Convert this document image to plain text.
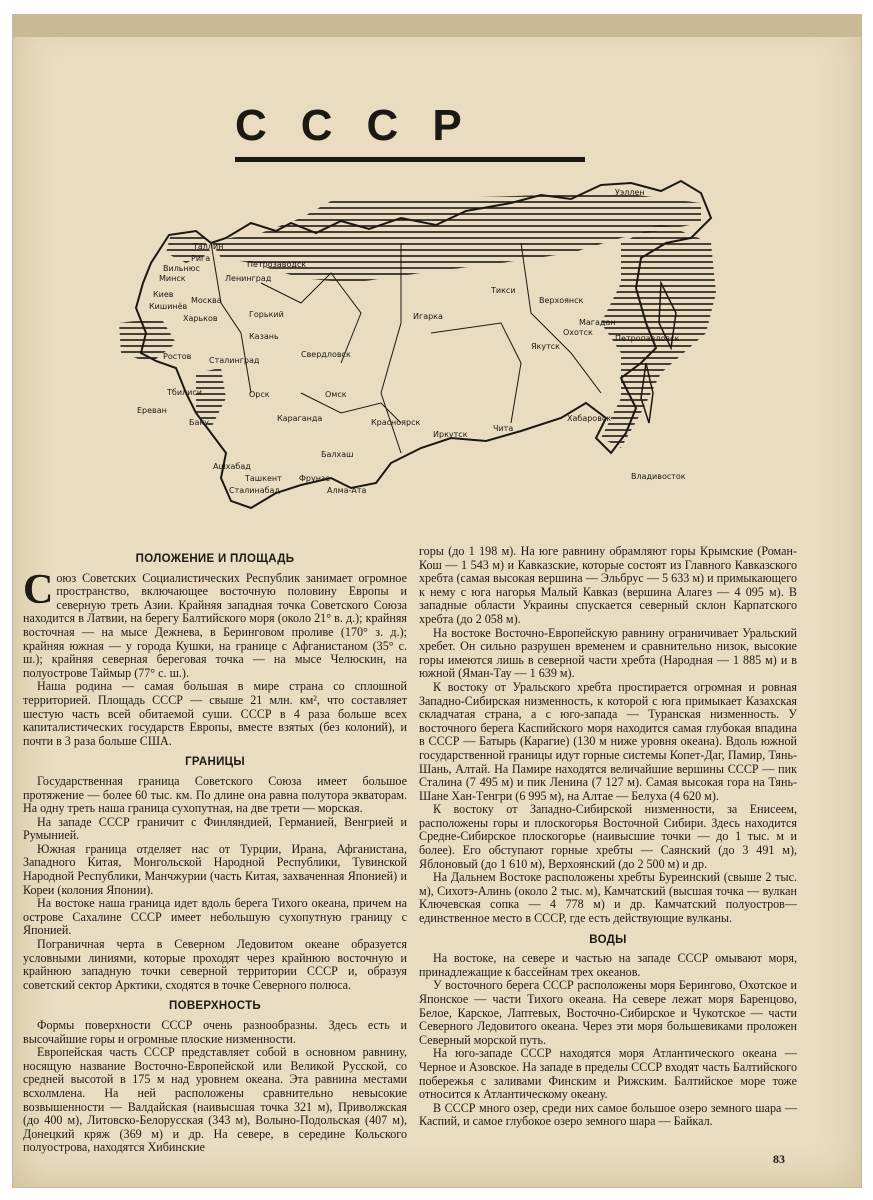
СССР
Таллин
Рига
Вильнюс
Минск
Киев
Кишинёв
Харьков
Москва
Ленинград
Петрозаводск
Горький
Казань
Сталинград
Ростов
Тбилиси
Ереван
Баку
Свердловск
Орск
Караганда
Омск
Красноярск
Игарка
Тикси
Верхоянск
Якутск
Иркутск
Чита
Хабаровск
Владивосток
Охотск
Магадан
Петропавловск
Уэллен
Балхаш
Ашхабад
Ташкент Фрунзе
Алма-Ата
Сталинабад
ПОЛОЖЕНИЕ И ПЛОЩАДЬ

Союз Советских Социалистических Республик занимает огромное пространство, включающее восточную половину Европы и северную треть Азии. Крайняя западная точка Советского Союза находится в Латвии, на берегу Балтийского моря (около 21° в. д.); крайняя восточная — на мысе Дежнева, в Беринговом проливе (170° з. д.); крайняя южная — у города Кушки, на границе с Афганистаном (35° с. ш.); крайняя северная береговая точка — на мысе Челюскин, на полуострове Таймыр (77° с. ш.).

Наша родина — самая большая в мире страна со сплошной территорией. Площадь СССР — свыше 21 млн. км², что составляет шестую часть всей обитаемой суши. СССР в 4 раза больше всех капиталистических государств Европы, вместе взятых (без колоний), и почти в 3 раза больше США.

ГРАНИЦЫ

Государственная граница Советского Союза имеет большое протяжение — более 60 тыс. км. По длине она равна полутора экваторам. На одну треть наша граница сухопутная, на две трети — морская.

На западе СССР граничит с Финляндией, Германией, Венгрией и Румынией.

Южная граница отделяет нас от Турции, Ирана, Афганистана, Западного Китая, Монгольской Народной Республики, Тувинской Народной Республики, Манчжурии (часть Китая, захваченная Японией) и Кореи (колония Японии).

На востоке наша граница идет вдоль берега Тихого океана, причем на острове Сахалине СССР имеет небольшую сухопутную границу с Японией.

Пограничная черта в Северном Ледовитом океане образуется условными линиями, которые проходят через крайнюю восточную и крайнюю западную точки северной территории СССР и, образуя советский сектор Арктики, сходятся в точке Северного полюса.

ПОВЕРХНОСТЬ

Формы поверхности СССР очень разнообразны. Здесь есть и высочайшие горы и огромные плоские низменности.

Европейская часть СССР представляет собой в основном равнину, носящую название Восточно-Европейской или Великой Русской, со средней высотой в 175 м над уровнем океана. Эта равнина местами всхолмлена. На ней расположены сравнительно невысокие возвышенности — Валдайская (наивысшая точка 321 м), Приволжская (до 400 м), Литовско-Белорусская (343 м), Волыно-Подольская (407 м), Донецкий кряж (369 м) и др. На севере, в середине Кольского полуострова, находятся Хибинские

горы (до 1 198 м). На юге равнину обрамляют горы Крымские (Роман-Кош — 1 543 м) и Кавказские, которые состоят из Главного Кавказского хребта (самая высокая вершина — Эльбрус — 5 633 м) и примыкающего к нему с юга нагорья Малый Кавказ (вершина Алагез — 4 095 м). В западные области Украины спускается северный склон Карпатского хребта (до 2 058 м).

На востоке Восточно-Европейскую равнину ограничивает Уральский хребет. Он сильно разрушен временем и сравнительно низок, высокие горы имеются лишь в северной части хребта (Народная — 1 885 м) и в южной (Яман-Тау — 1 639 м).

К востоку от Уральского хребта простирается огромная и ровная Западно-Сибирская низменность, к которой с юга примыкает Казахская складчатая страна, а с юго-запада — Туранская низменность. У восточного берега Каспийского моря находится самая глубокая впадина в СССР — Батырь (Карагие) (130 м ниже уровня океана). Вдоль южной государственной границы идут горные системы Копет-Даг, Памир, Тянь-Шань, Алтай. На Памире находятся величайшие вершины СССР — пик Сталина (7 495 м) и пик Ленина (7 127 м). Самая высокая гора на Тянь-Шане Хан-Тенгри (6 995 м), на Алтае — Белуха (4 620 м).

К востоку от Западно-Сибирской низменности, за Енисеем, расположены горы и плоскогорья Восточной Сибири. Здесь находится Средне-Сибирское плоскогорье (наивысшие точки — до 1 тыс. м и более). Его обступают горные хребты — Саянский (до 3 491 м), Яблоновый (до 1 610 м), Верхоянский (до 2 500 м) и др.

На Дальнем Востоке расположены хребты Буреинский (свыше 2 тыс. м), Сихотэ-Алинь (около 2 тыс. м), Камчатский (высшая точка — вулкан Ключевская сопка — 4 778 м) и др. Камчатский полуостров—единственное место в СССР, где есть действующие вулканы.

ВОДЫ

На востоке, на севере и частью на западе СССР омывают моря, принадлежащие к бассейнам трех океанов.

У восточного берега СССР расположены моря Берингово, Охотское и Японское — части Тихого океана. На севере лежат моря Баренцово, Белое, Карское, Лаптевых, Восточно-Сибирское и Чукотское — части Северного Ледовитого океана. Через эти моря большевиками проложен Северный морской путь.

На юго-западе СССР находятся моря Атлантического океана — Черное и Азовское. На западе в пределы СССР входят часть Балтийского побережья с заливами Финским и Рижским. Балтийское море тоже относится к Атлантическому океану.

В СССР много озер, среди них самое большое озеро земного шара — Каспий, и самое глубокое озеро земного шара — Байкал.

83
